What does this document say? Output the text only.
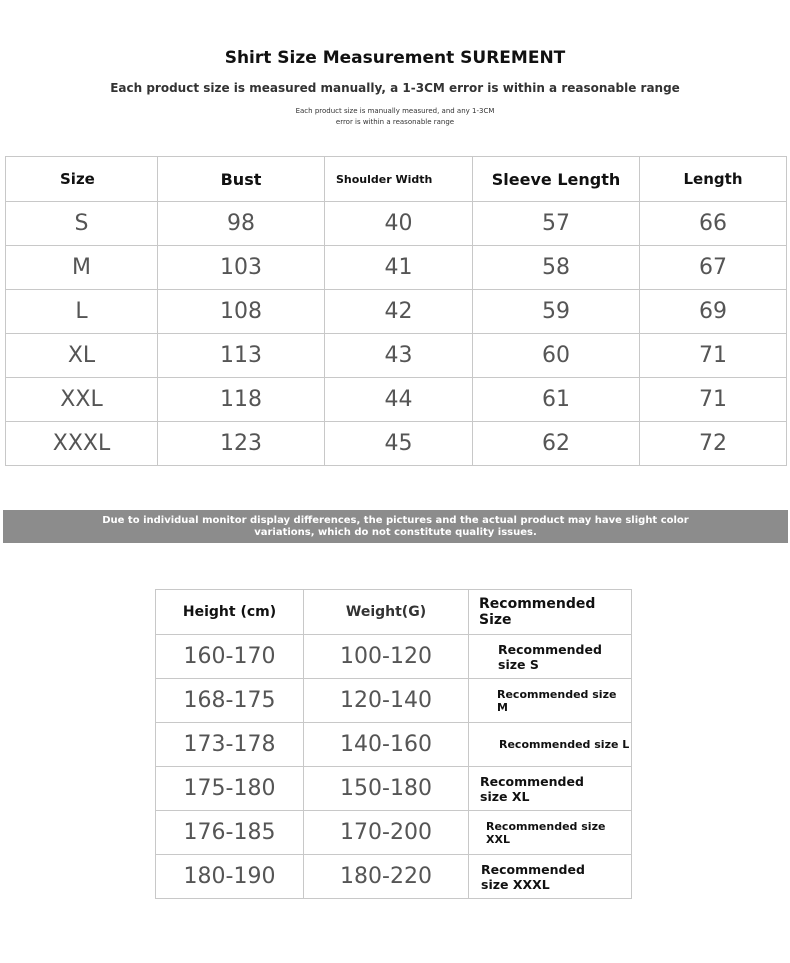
Shirt Size Measurement SUREMENT
Each product size is measured manually, a 1-3CM error is within a reasonable range
Each product size is manually measured, and any 1-3CM
error is within a reasonable range
Size	Bust	Shoulder Width	Sleeve Length	Length
S	98	40	57	66
M	103	41	58	67
L	108	42	59	69
XL	113	43	60	71
XXL	118	44	61	71
XXXL	123	45	62	72
Due to individual monitor display differences, the pictures and the actual product may have slight color variations, which do not constitute quality issues.
Height (cm)	Weight(G)	Recommended Size
160-170	100-120	Recommended size S
168-175	120-140	Recommended size M
173-178	140-160	Recommended size L
175-180	150-180	Recommended size XL
176-185	170-200	Recommended size XXL
180-190	180-220	Recommended size XXXL
